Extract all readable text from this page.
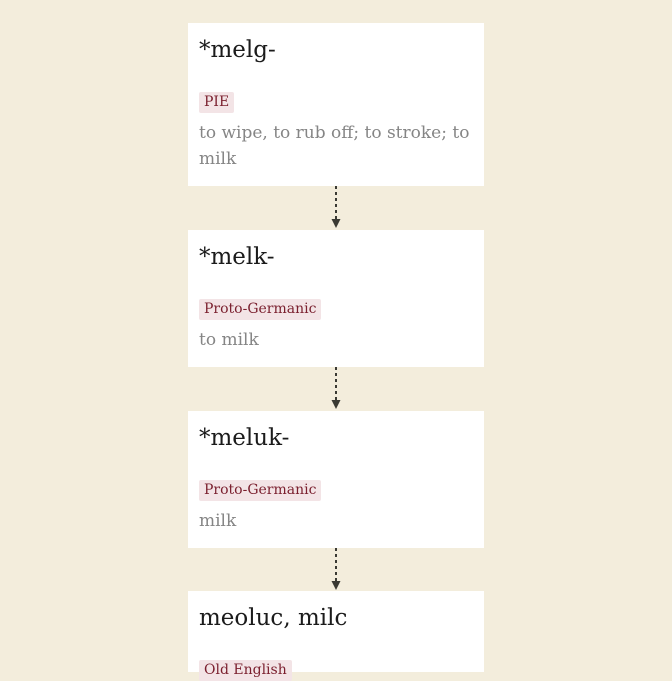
*melg-
PIE
to wipe, to rub off; to stroke; to milk
*melk-
Proto-Germanic
to milk
*meluk-
Proto-Germanic
milk
meoluc, milc
Old English
